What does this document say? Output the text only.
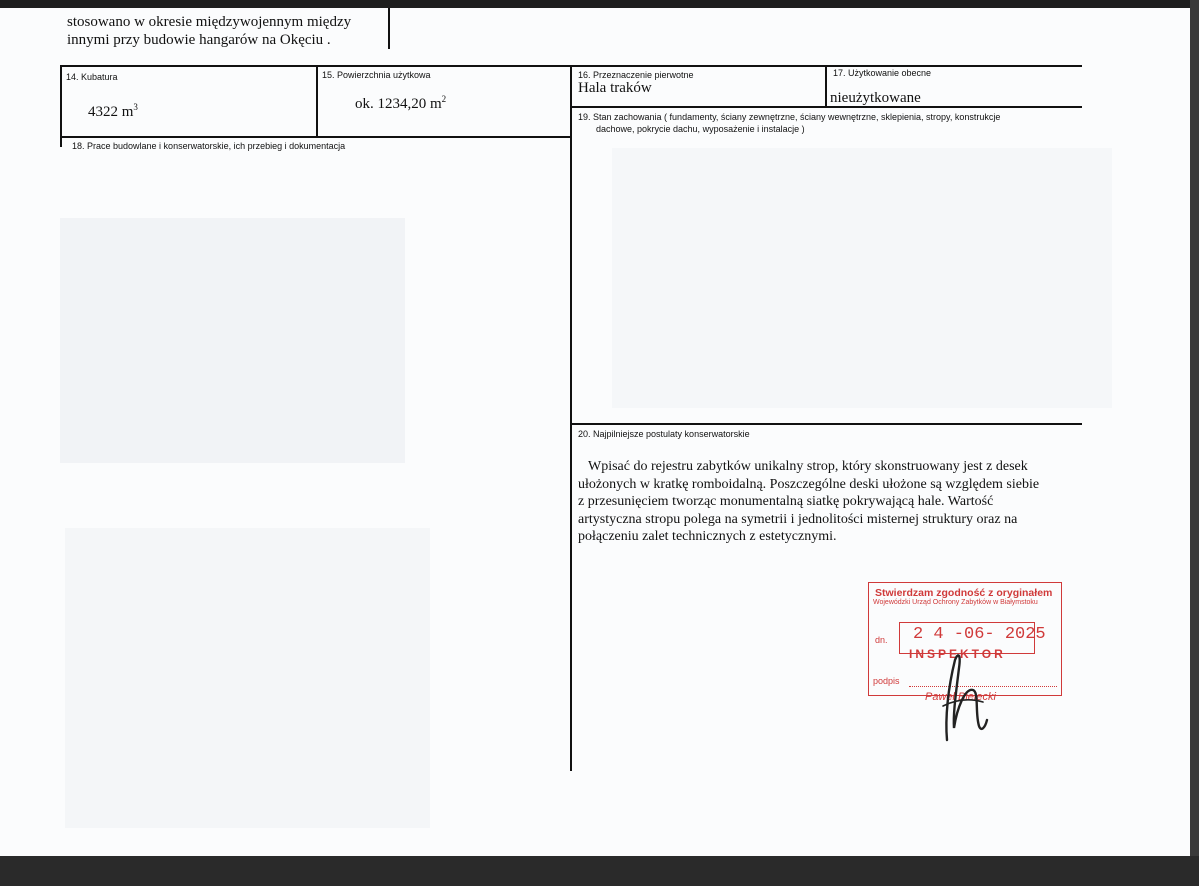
stosowano w okresie międzywojennym między
innymi przy budowie hangarów na Okęciu .
14. Kubatura
4322 $m^3$
15. Powierzchnia użytkowa
ok. 1234,20 $m^2$
16. Przeznaczenie pierwotne
Hala traków
17. Użytkowanie obecne
nieużytkowane
18. Prace budowlane i konserwatorskie, ich przebieg i dokumentacja
19. Stan zachowania ( fundamenty, ściany zewnętrzne, ściany wewnętrzne, sklepienia, stropy, konstrukcje
dachowe, pokrycie dachu, wyposażenie i instalacje )
20. Najpilniejsze postulaty konserwatorskie
Wpisać do rejestru zabytków unikalny strop, który skonstruowany jest z desek
ułożonych w kratkę romboidalną. Poszczególne deski ułożone są względem siebie
z przesunięciem tworząc monumentalną siatkę pokrywającą hale. Wartość
artystyczna stropu polega na symetrii i jednolitości misternej struktury oraz na
połączeniu zalet technicznych z estetycznymi.
Stwierdzam zgodność z oryginałem
Wojewódzki Urząd Ochrony Zabytków w Białymstoku
dn. 2 4 -06- 2025
INSPEKTOR
podpis
Paweł Bielecki
